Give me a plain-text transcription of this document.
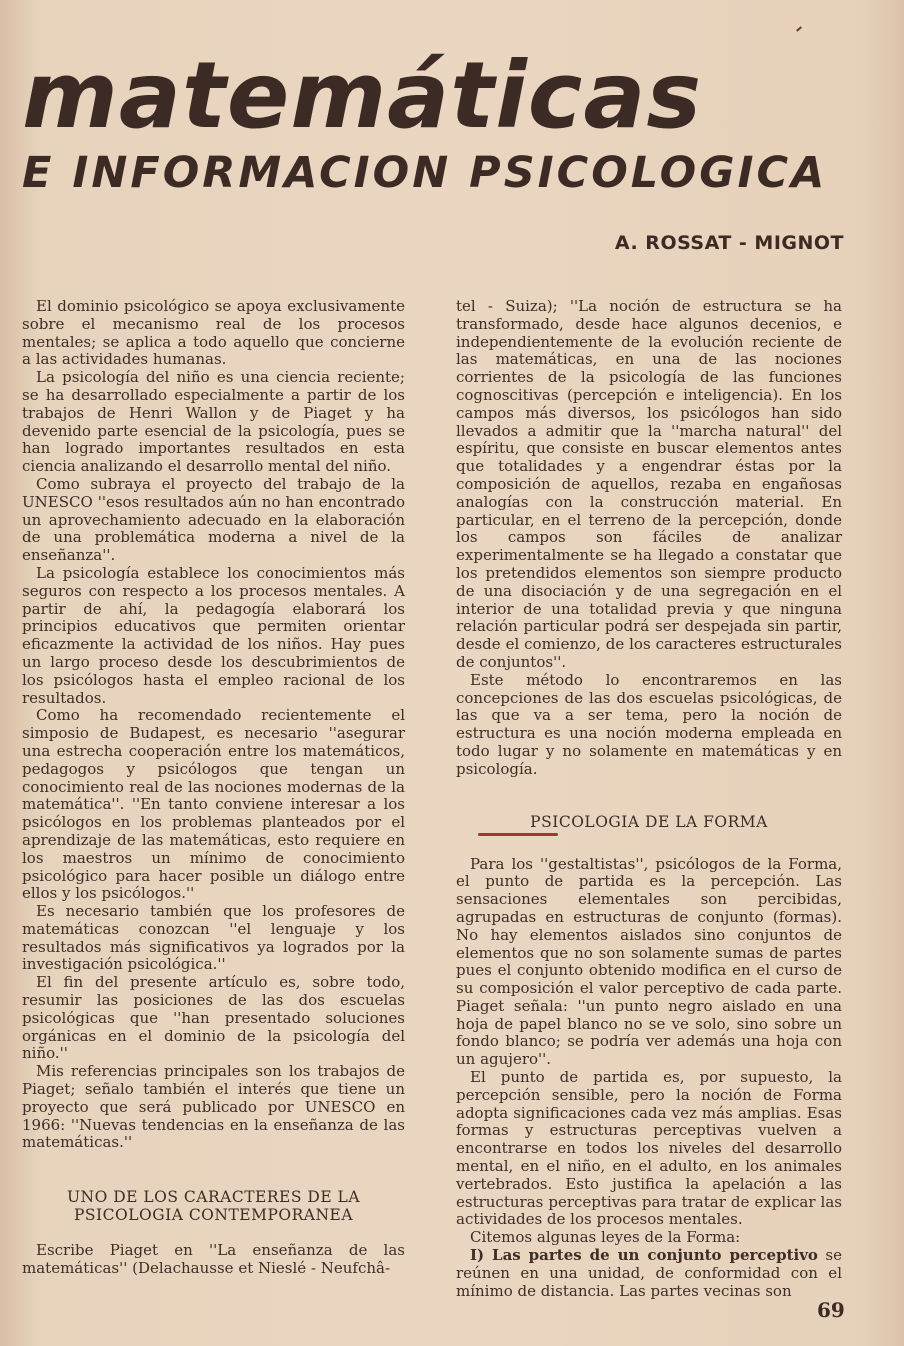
matemáticas
E INFORMACION PSICOLOGICA
A. ROSSAT - MIGNOT

El dominio psicológico se apoya exclusivamente sobre el mecanismo real de los procesos mentales; se aplica a todo aquello que concierne a las actividades humanas.

La psicología del niño es una ciencia reciente; se ha desarrollado especialmente a partir de los trabajos de Henri Wallon y de Piaget y ha devenido parte esencial de la psicología, pues se han logrado importantes resultados en esta ciencia analizando el desarrollo mental del niño.

Como subraya el proyecto del trabajo de la UNESCO ''esos resultados aún no han encontrado un aprovechamiento adecuado en la elaboración de una problemática moderna a nivel de la enseñanza''.

La psicología establece los conocimientos más seguros con respecto a los procesos mentales. A partir de ahí, la pedagogía elaborará los principios educativos que permiten orientar eficazmente la actividad de los niños. Hay pues un largo proceso desde los descubrimientos de los psicólogos hasta el empleo racional de los resultados.

Como ha recomendado recientemente el simposio de Budapest, es necesario ''asegurar una estrecha cooperación entre los matemáticos, pedagogos y psicólogos que tengan un conocimiento real de las nociones modernas de la matemática''. ''En tanto conviene interesar a los psicólogos en los problemas planteados por el aprendizaje de las matemáticas, esto requiere en los maestros un mínimo de conocimiento psicológico para hacer posible un diálogo entre ellos y los psicólogos.''

Es necesario también que los profesores de matemáticas conozcan ''el lenguaje y los resultados más significativos ya logrados por la investigación psicológica.''

El fin del presente artículo es, sobre todo, resumir las posiciones de las dos escuelas psicológicas que ''han presentado soluciones orgánicas en el dominio de la psicología del niño.''

Mis referencias principales son los trabajos de Piaget; señalo también el interés que tiene un proyecto que será publicado por UNESCO en 1966: ''Nuevas tendencias en la enseñanza de las matemáticas.''

UNO DE LOS CARACTERES DE LA
PSICOLOGIA CONTEMPORANEA

Escribe Piaget en ''La enseñanza de las matemáticas'' (Delachausse et Nieslé - Neufchâ-

tel - Suiza); ''La noción de estructura se ha transformado, desde hace algunos decenios, e independientemente de la evolución reciente de las matemáticas, en una de las nociones corrientes de la psicología de las funciones cognoscitivas (percepción e inteligencia). En los campos más diversos, los psicólogos han sido llevados a admitir que la ''marcha natural'' del espíritu, que consiste en buscar elementos antes que totalidades y a engendrar éstas por la composición de aquellos, rezaba en engañosas analogías con la construcción material. En particular, en el terreno de la percepción, donde los campos son fáciles de analizar experimentalmente se ha llegado a constatar que los pretendidos elementos son siempre producto de una disociación y de una segregación en el interior de una totalidad previa y que ninguna relación particular podrá ser despejada sin partir, desde el comienzo, de los caracteres estructurales de conjuntos''.

Este método lo encontraremos en las concepciones de las dos escuelas psicológicas, de las que va a ser tema, pero la noción de estructura es una noción moderna empleada en todo lugar y no solamente en matemáticas y en psicología.

PSICOLOGIA DE LA FORMA

Para los ''gestaltistas'', psicólogos de la Forma, el punto de partida es la percepción. Las sensaciones elementales son percibidas, agrupadas en estructuras de conjunto (formas). No hay elementos aislados sino conjuntos de elementos que no son solamente sumas de partes pues el conjunto obtenido modifica en el curso de su composición el valor perceptivo de cada parte. Piaget señala: ''un punto negro aislado en una hoja de papel blanco no se ve solo, sino sobre un fondo blanco; se podría ver además una hoja con un agujero''.

El punto de partida es, por supuesto, la percepción sensible, pero la noción de Forma adopta significaciones cada vez más amplias. Esas formas y estructuras perceptivas vuelven a encontrarse en todos los niveles del desarrollo mental, en el niño, en el adulto, en los animales vertebrados. Esto justifica la apelación a las estructuras perceptivas para tratar de explicar las actividades de los procesos mentales.

Citemos algunas leyes de la Forma:

I) Las partes de un conjunto perceptivo se reúnen en una unidad, de conformidad con el mínimo de distancia. Las partes vecinas son

69
